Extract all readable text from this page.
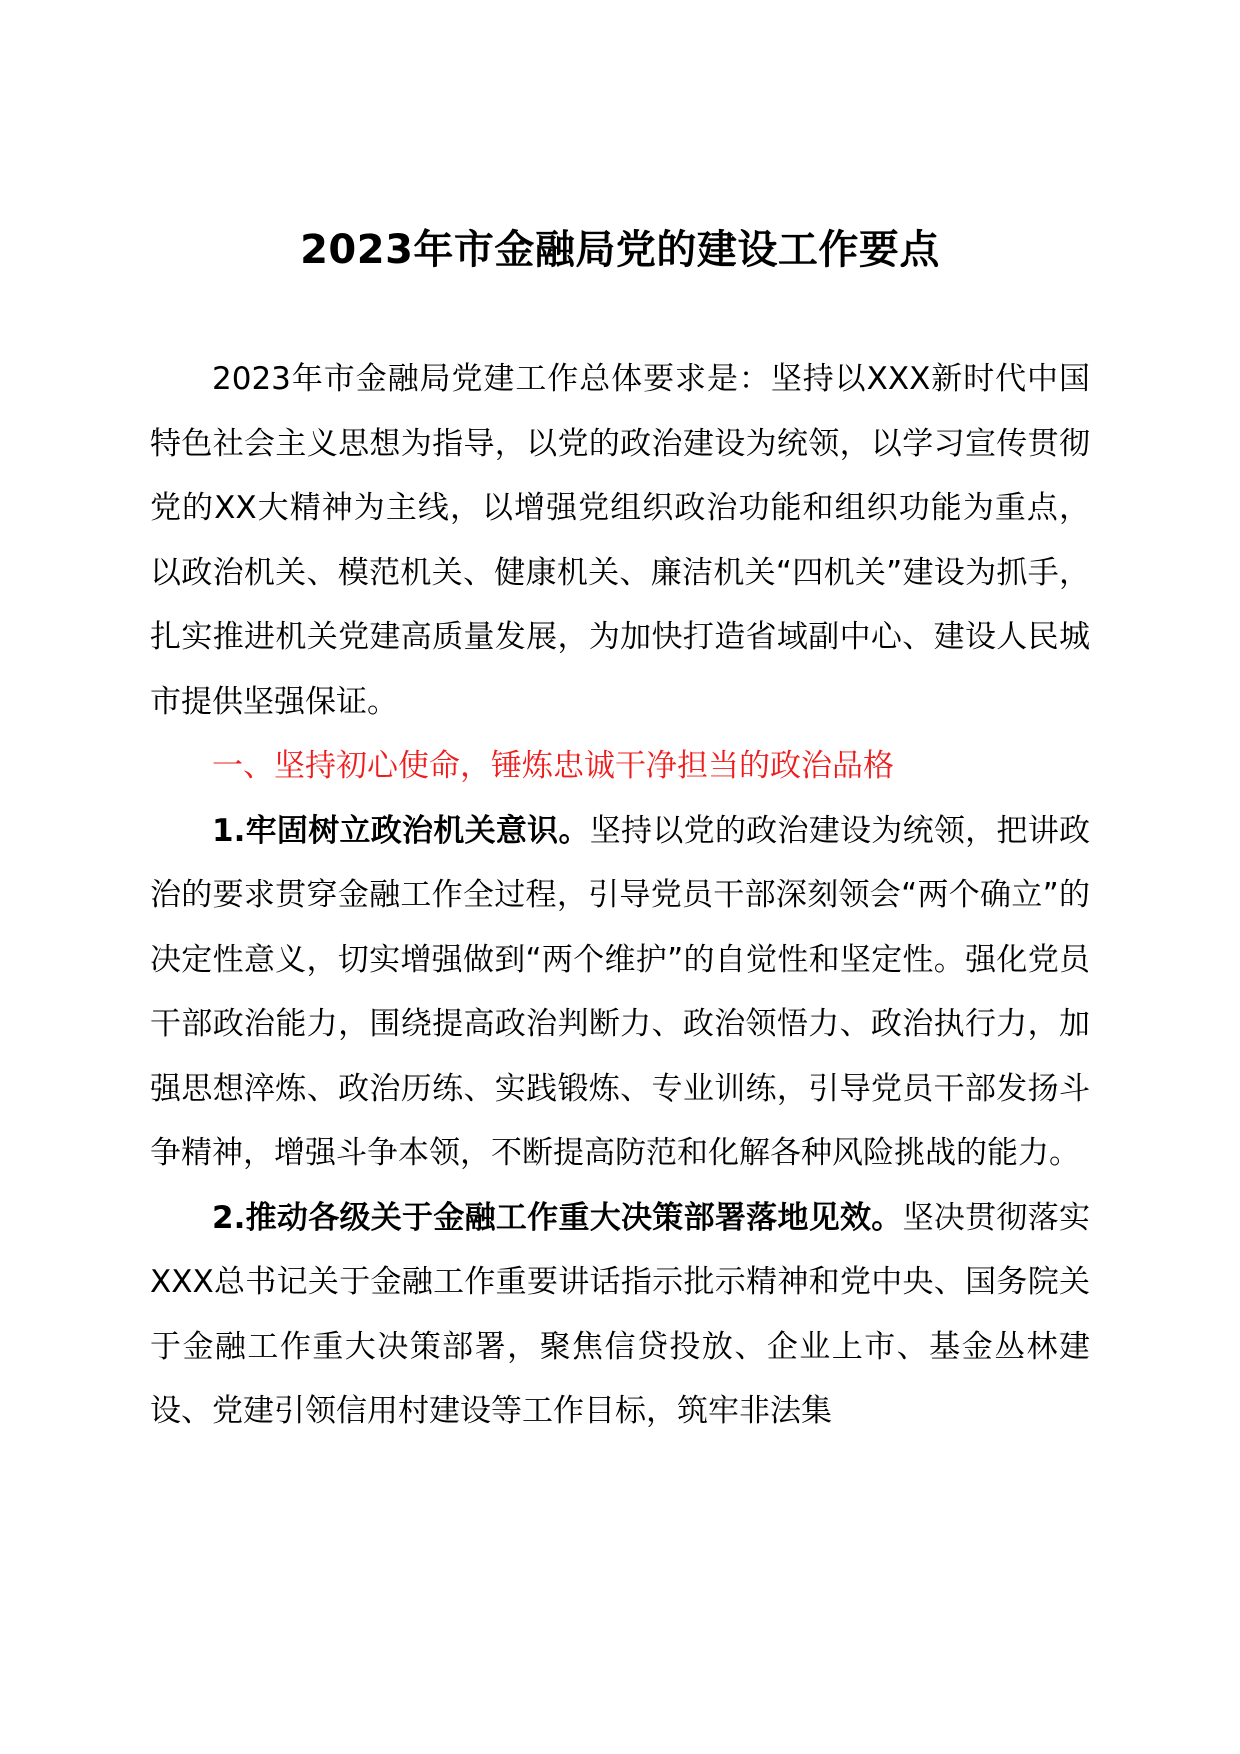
2023年市金融局党的建设工作要点

2023年市金融局党建工作总体要求是：坚持以XXX新时代中国特色社会主义思想为指导，以党的政治建设为统领，以学习宣传贯彻党的XX大精神为主线，以增强党组织政治功能和组织功能为重点，以政治机关、模范机关、健康机关、廉洁机关“四机关”建设为抓手，扎实推进机关党建高质量发展，为加快打造省域副中心、建设人民城市提供坚强保证。

一、坚持初心使命，锤炼忠诚干净担当的政治品格

1.牢固树立政治机关意识。坚持以党的政治建设为统领，把讲政治的要求贯穿金融工作全过程，引导党员干部深刻领会“两个确立”的决定性意义，切实增强做到“两个维护”的自觉性和坚定性。强化党员干部政治能力，围绕提高政治判断力、政治领悟力、政治执行力，加强思想淬炼、政治历练、实践锻炼、专业训练，引导党员干部发扬斗争精神，增强斗争本领，不断提高防范和化解各种风险挑战的能力。

2.推动各级关于金融工作重大决策部署落地见效。坚决贯彻落实XXX总书记关于金融工作重要讲话指示批示精神和党中央、国务院关于金融工作重大决策部署，聚焦信贷投放、企业上市、基金丛林建设、党建引领信用村建设等工作目标，筑牢非法集
